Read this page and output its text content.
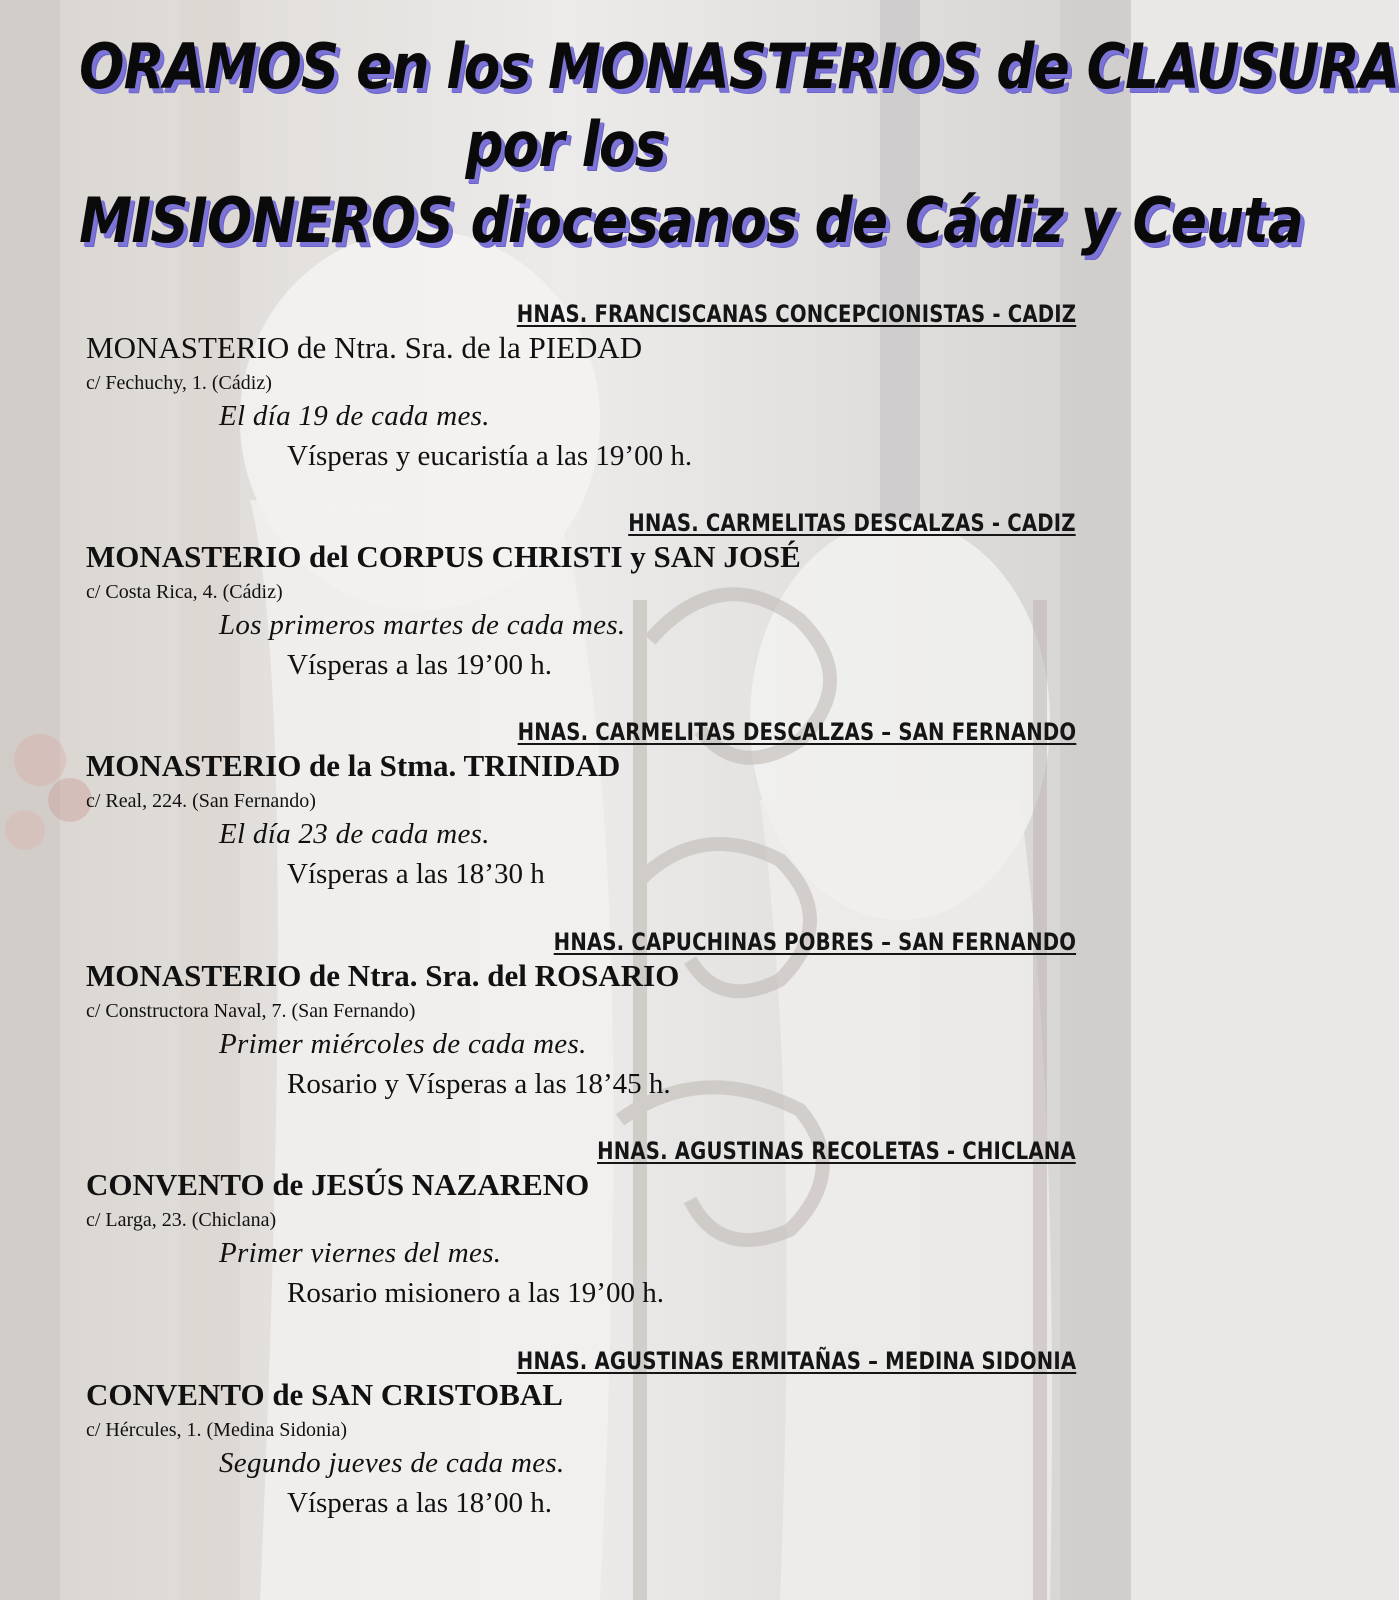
ORAMOS en los MONASTERIOS de CLAUSURA
por los
MISIONEROS diocesanos de Cádiz y Ceuta
HNAS. FRANCISCANAS CONCEPCIONISTAS - CADIZ
MONASTERIO de Ntra. Sra. de la PIEDAD
c/ Fechuchy, 1. (Cádiz)
El día 19 de cada mes.
Vísperas y eucaristía a las 19’00 h.
HNAS. CARMELITAS DESCALZAS - CADIZ
MONASTERIO del CORPUS CHRISTI y SAN JOSÉ
c/ Costa Rica, 4. (Cádiz)
Los primeros martes de cada mes.
Vísperas a las 19’00 h.
HNAS. CARMELITAS DESCALZAS – SAN FERNANDO
MONASTERIO de la Stma. TRINIDAD
c/ Real, 224. (San Fernando)
El día 23 de cada mes.
Vísperas a las 18’30 h
HNAS. CAPUCHINAS POBRES – SAN FERNANDO
MONASTERIO de Ntra. Sra. del ROSARIO
c/ Constructora Naval, 7. (San Fernando)
Primer miércoles de cada mes.
Rosario y Vísperas a las 18’45 h.
HNAS. AGUSTINAS RECOLETAS - CHICLANA
CONVENTO de JESÚS NAZARENO
c/ Larga, 23. (Chiclana)
Primer viernes del mes.
Rosario misionero a las 19’00 h.
HNAS. AGUSTINAS ERMITAÑAS – MEDINA SIDONIA
CONVENTO de SAN CRISTOBAL
c/ Hércules, 1. (Medina Sidonia)
Segundo jueves de cada mes.
Vísperas a las 18’00 h.
